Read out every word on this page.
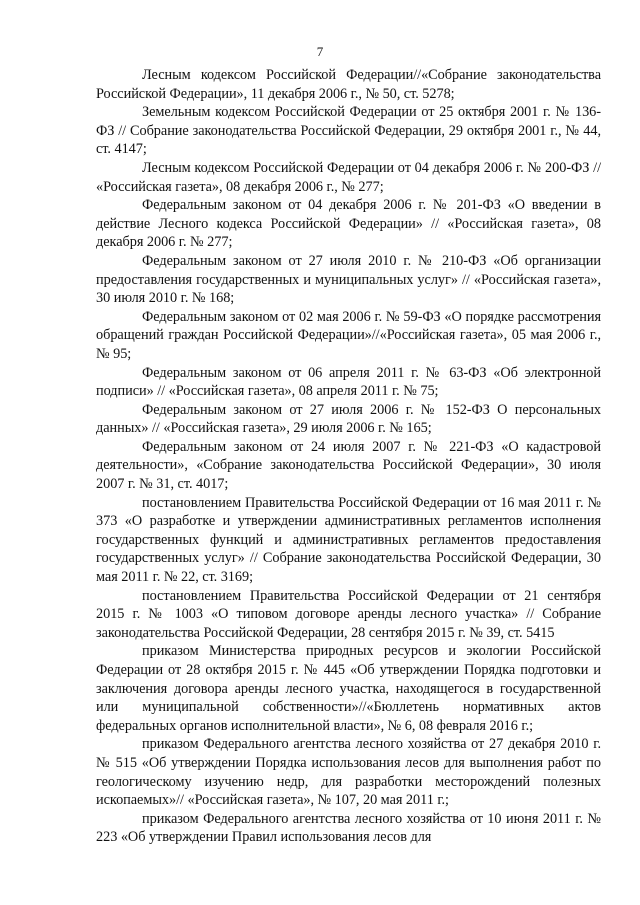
7

Лесным кодексом Российской Федерации//«Собрание законодательства Российской Федерации», 11 декабря 2006 г., № 50, ст. 5278;

Земельным кодексом Российской Федерации от 25 октября 2001 г. № 136-ФЗ // Собрание законодательства Российской Федерации, 29 октября 2001 г., № 44, ст. 4147;

Лесным кодексом Российской Федерации от 04 декабря 2006 г. № 200-ФЗ // «Российская газета», 08 декабря 2006 г., № 277;

Федеральным законом от 04 декабря 2006 г. № 201-ФЗ «О введении в действие Лесного кодекса Российской Федерации» // «Российская газета», 08 декабря 2006 г. № 277;

Федеральным законом от 27 июля 2010 г. № 210-ФЗ «Об организации предоставления государственных и муниципальных услуг» // «Российская газета», 30 июля 2010 г. № 168;

Федеральным законом от 02 мая 2006 г. № 59-ФЗ «О порядке рассмотрения обращений граждан Российской Федерации»//«Российская газета», 05 мая 2006 г., № 95;

Федеральным законом от 06 апреля 2011 г. № 63-ФЗ «Об электронной подписи» // «Российская газета», 08 апреля 2011 г. № 75;

Федеральным законом от 27 июля 2006 г. № 152-ФЗ О персональных данных» // «Российская газета», 29 июля 2006 г. № 165;

Федеральным законом от 24 июля 2007 г. № 221-ФЗ «О кадастровой деятельности», «Собрание законодательства Российской Федерации», 30 июля 2007 г. № 31, ст. 4017;

постановлением Правительства Российской Федерации от 16 мая 2011 г. № 373 «О разработке и утверждении административных регламентов исполнения государственных функций и административных регламентов предоставления государственных услуг» // Собрание законодательства Российской Федерации, 30 мая 2011 г. № 22, ст. 3169;

постановлением Правительства Российской Федерации от 21 сентября 2015 г. № 1003 «О типовом договоре аренды лесного участка» // Собрание законодательства Российской Федерации, 28 сентября 2015 г. № 39, ст. 5415

приказом Министерства природных ресурсов и экологии Российской Федерации от 28 октября 2015 г. № 445 «Об утверждении Порядка подготовки и заключения договора аренды лесного участка, находящегося в государственной или муниципальной собственности»//«Бюллетень нормативных актов федеральных органов исполнительной власти», № 6, 08 февраля 2016 г.;

приказом Федерального агентства лесного хозяйства от 27 декабря 2010 г. № 515 «Об утверждении Порядка использования лесов для выполнения работ по геологическому изучению недр, для разработки месторождений полезных ископаемых»// «Российская газета», № 107, 20 мая 2011 г.;

приказом Федерального агентства лесного хозяйства от 10 июня 2011 г. № 223 «Об утверждении Правил использования лесов для
